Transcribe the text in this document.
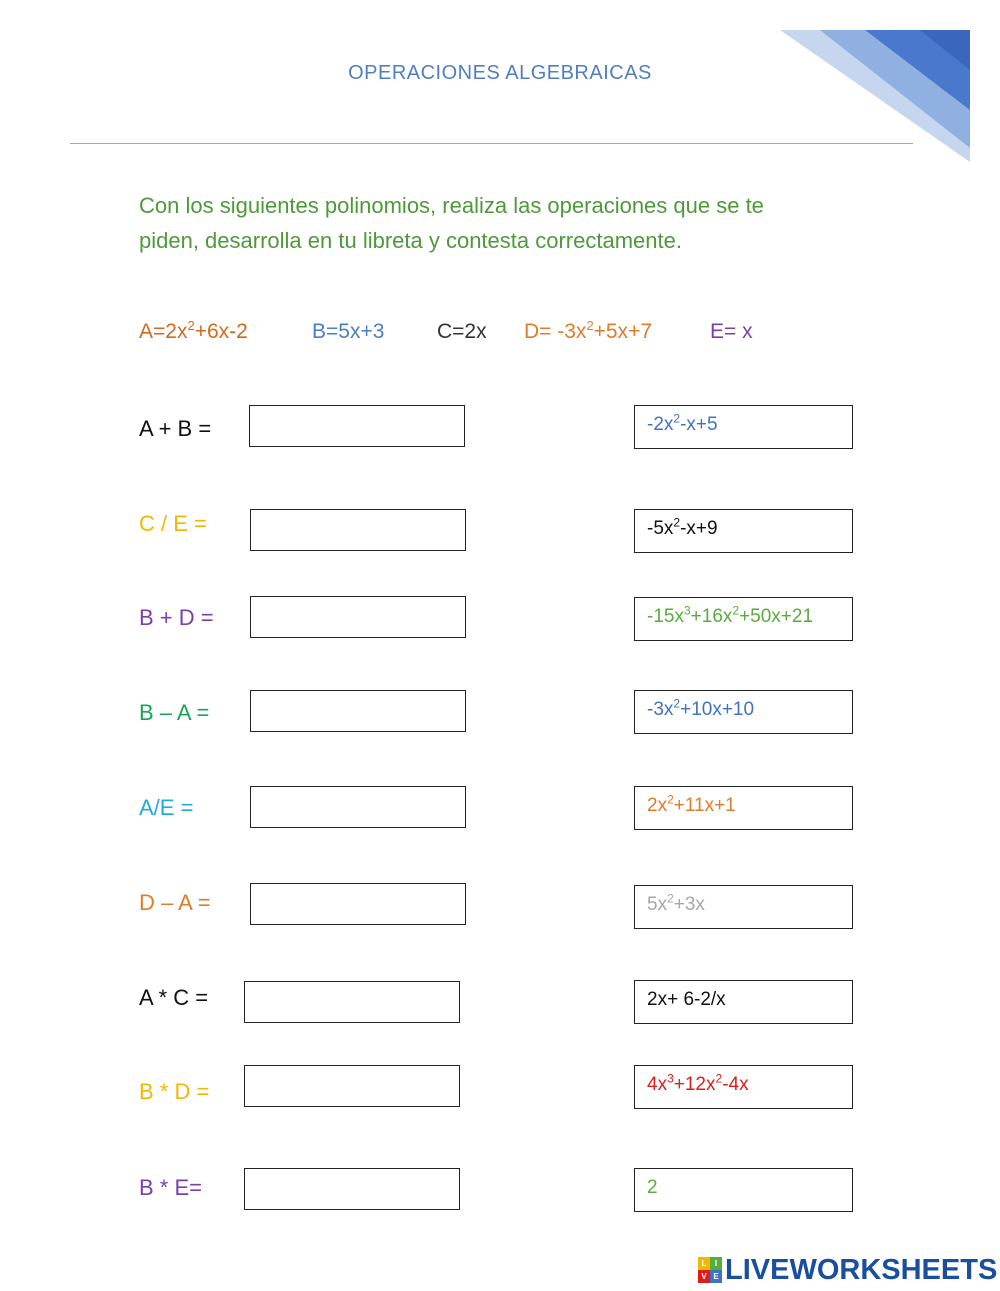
OPERACIONES ALGEBRAICAS
Con los siguientes polinomios, realiza las operaciones que se te
piden, desarrolla en tu libreta y contesta correctamente.
$A=2x^2+6x-2$	B=5x+3	C=2x $D= -3x^2+5x+7$	E= x
A + B =	$-2x^2-x+5$
C / E =	$-5x^2-x+9$
B + D =	$-15x^3+16x^2+50x+21$
B – A =	$-3x^2+10x+10$
A/E =	$2x^2+11x+1$
D – A =	$5x^2+3x$
A * C =	2x+ 6-2/x
B * D =	$4x^3+12x^2-4x$
B * E=	2
L	I
V E LIVEWORKSHEETS
